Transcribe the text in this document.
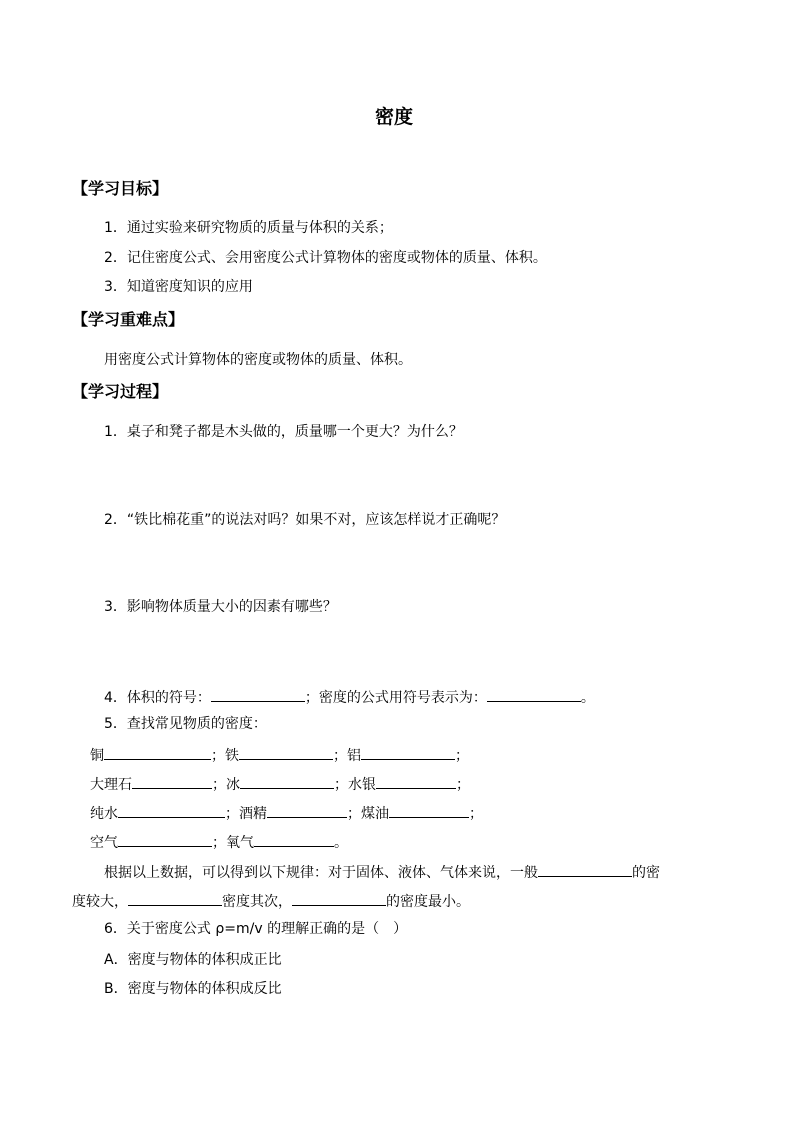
密度
【学习目标】
1．通过实验来研究物质的质量与体积的关系；
2．记住密度公式、会用密度公式计算物体的密度或物体的质量、体积。
3．知道密度知识的应用
【学习重难点】
用密度公式计算物体的密度或物体的质量、体积。
【学习过程】
1．桌子和凳子都是木头做的，质量哪一个更大？为什么？
2．“铁比棉花重”的说法对吗？如果不对，应该怎样说才正确呢？
3．影响物体质量大小的因素有哪些？
4．体积的符号：	；密度的公式用符号表示为：	。
5．查找常见物质的密度：
铜	；铁	；铝	；
大理石	；冰	；水银	；
纯水	；酒精	；煤油	；
空气	；氧气	。
根据以上数据，可以得到以下规律：对于固体、液体、气体来说，一般	的密
度较大，	密度其次，	的密度最小。
6．关于密度公式 ρ=m/v 的理解正确的是（　）
A．密度与物体的体积成正比
B．密度与物体的体积成反比
